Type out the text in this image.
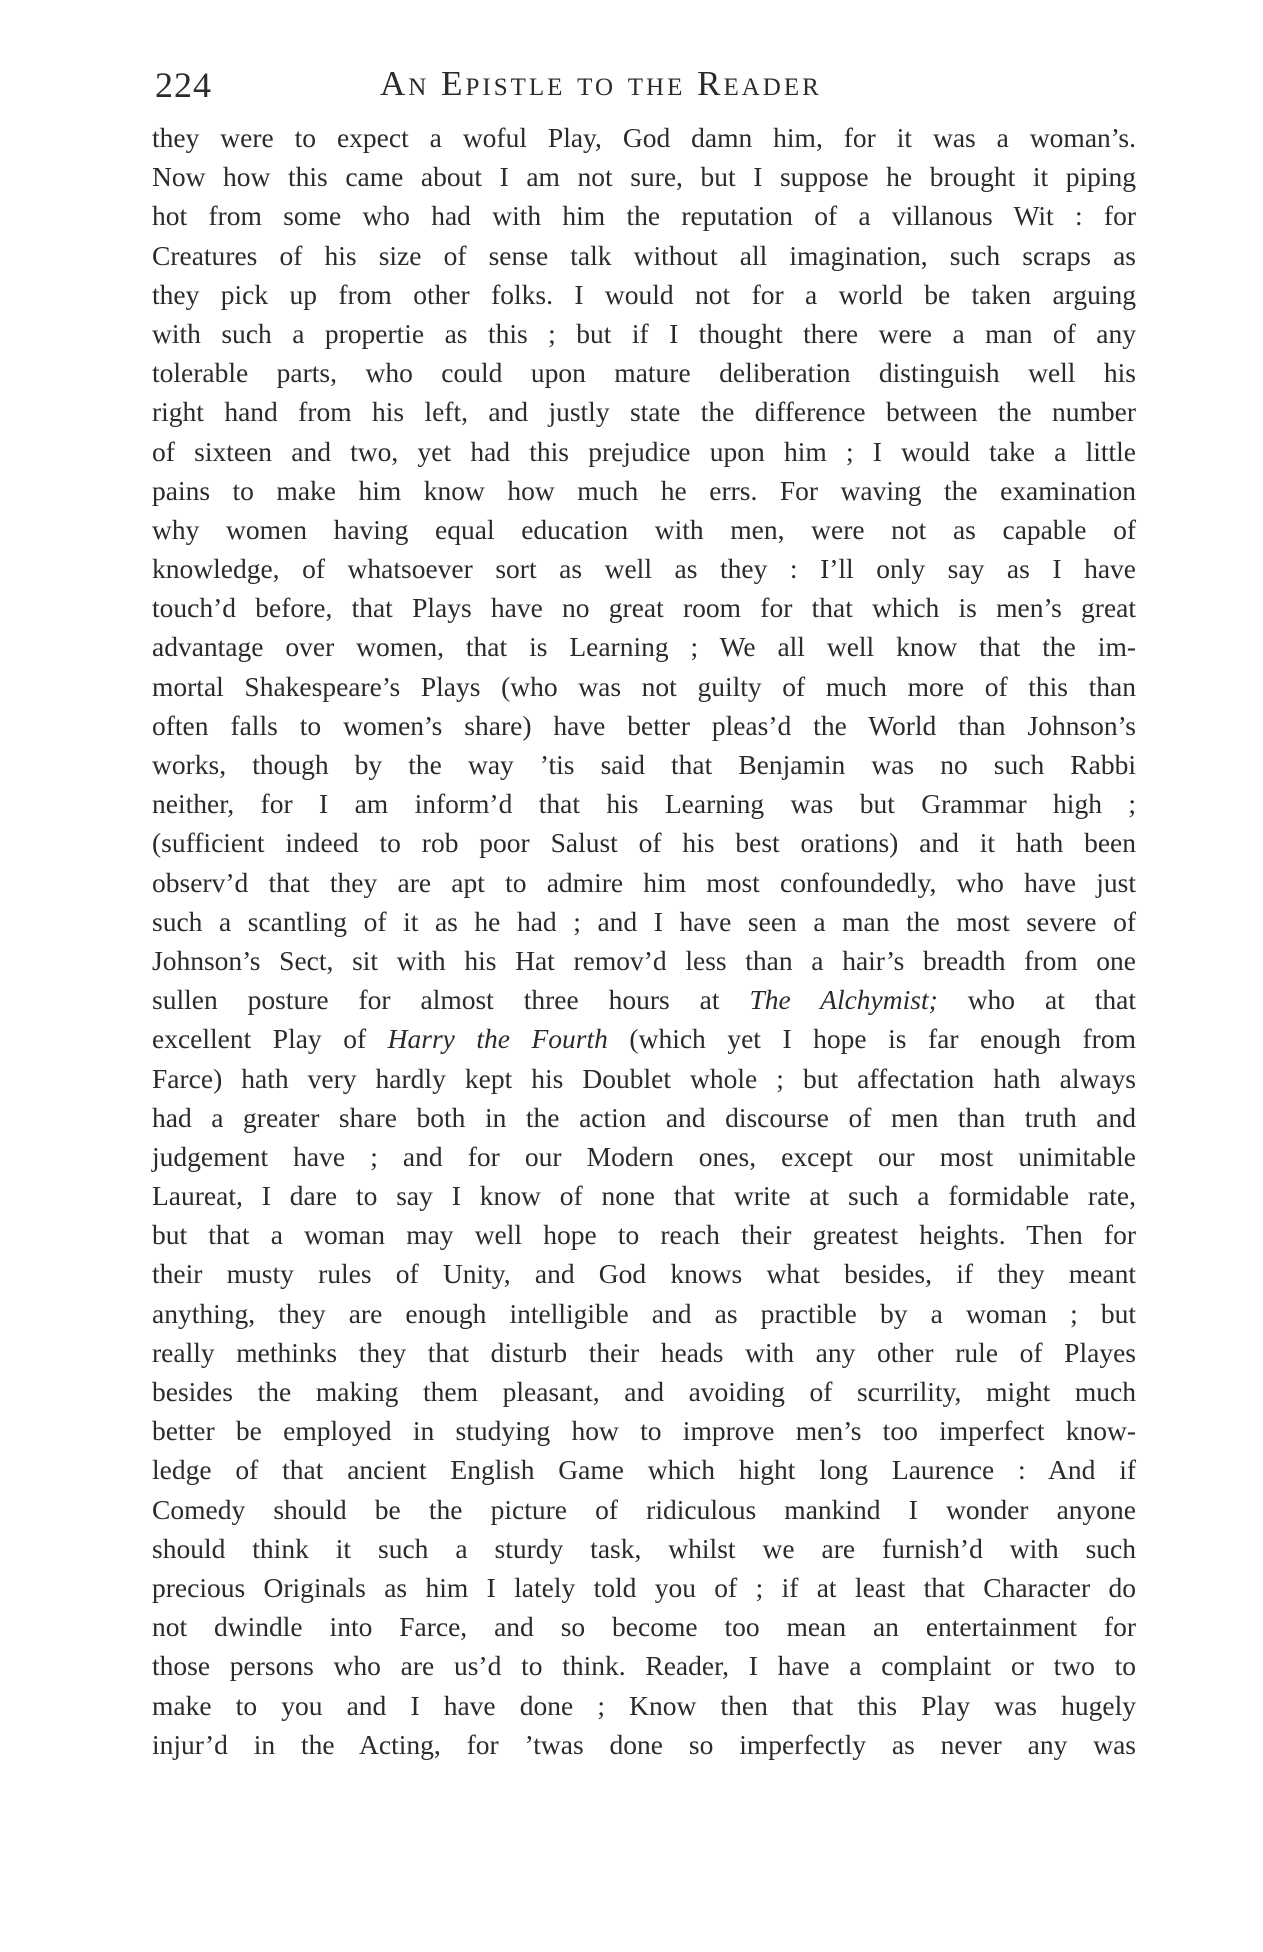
224	An Epistle to the Reader
they were to expect a woful Play, God damn him, for it was a woman’s.
Now how this came about I am not sure, but I suppose he brought it piping
hot from some who had with him the reputation of a villanous Wit : for
Creatures of his size of sense talk without all imagination, such scraps as
they pick up from other folks. I would not for a world be taken arguing
with such a propertie as this ; but if I thought there were a man of any
tolerable parts, who could upon mature deliberation distinguish well his
right hand from his left, and justly state the difference between the number
of sixteen and two, yet had this prejudice upon him ; I would take a little
pains to make him know how much he errs. For waving the examination
why women having equal education with men, were not as capable of
knowledge, of whatsoever sort as well as they : I’ll only say as I have
touch’d before, that Plays have no great room for that which is men’s great
advantage over women, that is Learning ; We all well know that the im-
mortal Shakespeare’s Plays (who was not guilty of much more of this than
often falls to women’s share) have better pleas’d the World than Johnson’s
works, though by the way ’tis said that Benjamin was no such Rabbi
neither, for I am inform’d that his Learning was but Grammar high ;
(sufficient indeed to rob poor Salust of his best orations) and it hath been
observ’d that they are apt to admire him most confoundedly, who have just
such a scantling of it as he had ; and I have seen a man the most severe of
Johnson’s Sect, sit with his Hat remov’d less than a hair’s breadth from one
sullen posture for almost three hours at The Alchymist; who at that
excellent Play of Harry the Fourth (which yet I hope is far enough from
Farce) hath very hardly kept his Doublet whole ; but affectation hath always
had a greater share both in the action and discourse of men than truth and
judgement have ; and for our Modern ones, except our most unimitable
Laureat, I dare to say I know of none that write at such a formidable rate,
but that a woman may well hope to reach their greatest heights. Then for
their musty rules of Unity, and God knows what besides, if they meant
anything, they are enough intelligible and as practible by a woman ; but
really methinks they that disturb their heads with any other rule of Playes
besides the making them pleasant, and avoiding of scurrility, might much
better be employed in studying how to improve men’s too imperfect know-
ledge of that ancient English Game which hight long Laurence : And if
Comedy should be the picture of ridiculous mankind I wonder anyone
should think it such a sturdy task, whilst we are furnish’d with such
precious Originals as him I lately told you of ; if at least that Character do
not dwindle into Farce, and so become too mean an entertainment for
those persons who are us’d to think. Reader, I have a complaint or two to
make to you and I have done ; Know then that this Play was hugely
injur’d in the Acting, for ’twas done so imperfectly as never any was
